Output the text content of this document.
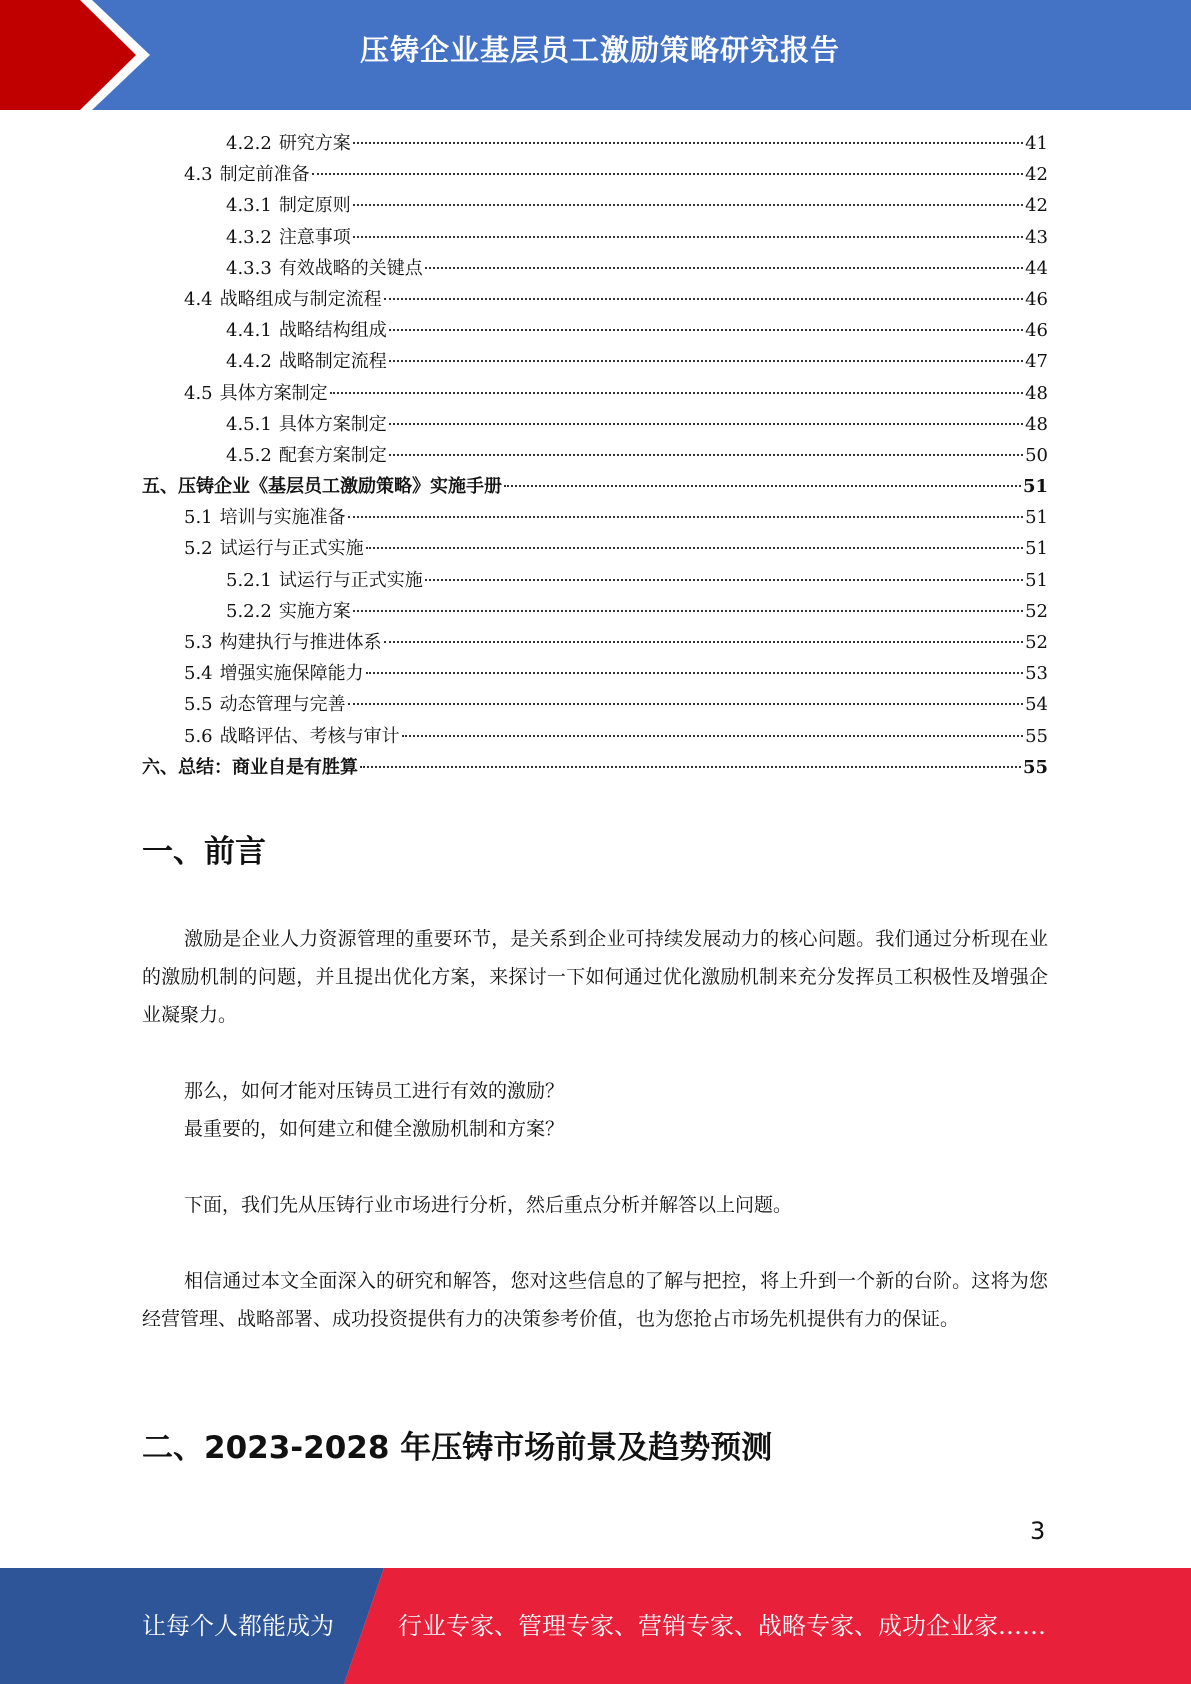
压铸企业基层员工激励策略研究报告
4.2.2 研究方案	41
4.3 制定前准备	42
4.3.1 制定原则	42
4.3.2 注意事项	43
4.3.3 有效战略的关键点	44
4.4 战略组成与制定流程	46
4.4.1 战略结构组成	46
4.4.2 战略制定流程	47
4.5 具体方案制定	48
4.5.1 具体方案制定	48
4.5.2 配套方案制定	50
五、压铸企业《基层员工激励策略》实施手册	51
5.1 培训与实施准备	51
5.2 试运行与正式实施	51
5.2.1 试运行与正式实施	51
5.2.2 实施方案	52
5.3 构建执行与推进体系	52
5.4 增强实施保障能力	53
5.5 动态管理与完善	54
5.6 战略评估、考核与审计	55
六、总结：商业自是有胜算	55
一、前言
激励是企业人力资源管理的重要环节，是关系到企业可持续发展动力的核心问题。我们通过分析现在业的激励机制的问题，并且提出优化方案，来探讨一下如何通过优化激励机制来充分发挥员工积极性及增强企业凝聚力。
那么，如何才能对压铸员工进行有效的激励？
最重要的，如何建立和健全激励机制和方案？
下面，我们先从压铸行业市场进行分析，然后重点分析并解答以上问题。
相信通过本文全面深入的研究和解答，您对这些信息的了解与把控，将上升到一个新的台阶。这将为您经营管理、战略部署、成功投资提供有力的决策参考价值，也为您抢占市场先机提供有力的保证。
二、2023-2028 年压铸市场前景及趋势预测
3
让每个人都能成为	行业专家、管理专家、营销专家、战略专家、成功企业家……
